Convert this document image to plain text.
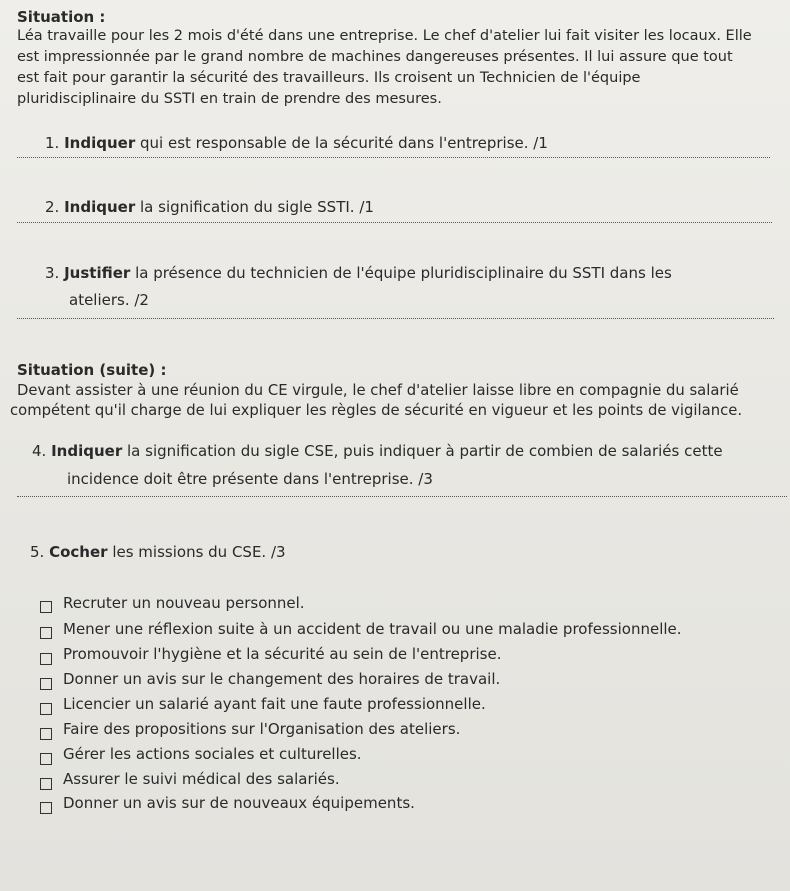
Situation :

Léa travaille pour les 2 mois d'été dans une entreprise. Le chef d'atelier lui fait visiter les locaux. Elle

est impressionnée par le grand nombre de machines dangereuses présentes. Il lui assure que tout

est fait pour garantir la sécurité des travailleurs. Ils croisent un Technicien de l'équipe

pluridisciplinaire du SSTI en train de prendre des mesures.

1. Indiquer qui est responsable de la sécurité dans l'entreprise. /1

2. Indiquer la signification du sigle SSTI. /1

3. Justifier la présence du technicien de l'équipe pluridisciplinaire du SSTI dans les

ateliers. /2

Situation (suite) :

Devant assister à une réunion du CE virgule, le chef d'atelier laisse libre en compagnie du salarié

compétent qu'il charge de lui expliquer les règles de sécurité en vigueur et les points de vigilance.

4. Indiquer la signification du sigle CSE, puis indiquer à partir de combien de salariés cette

incidence doit être présente dans l'entreprise. /3

5. Cocher les missions du CSE. /3

Recruter un nouveau personnel.

Mener une réflexion suite à un accident de travail ou une maladie professionnelle.

Promouvoir l'hygiène et la sécurité au sein de l'entreprise.

Donner un avis sur le changement des horaires de travail.

Licencier un salarié ayant fait une faute professionnelle.

Faire des propositions sur l'Organisation des ateliers.

Gérer les actions sociales et culturelles.

Assurer le suivi médical des salariés.

Donner un avis sur de nouveaux équipements.
